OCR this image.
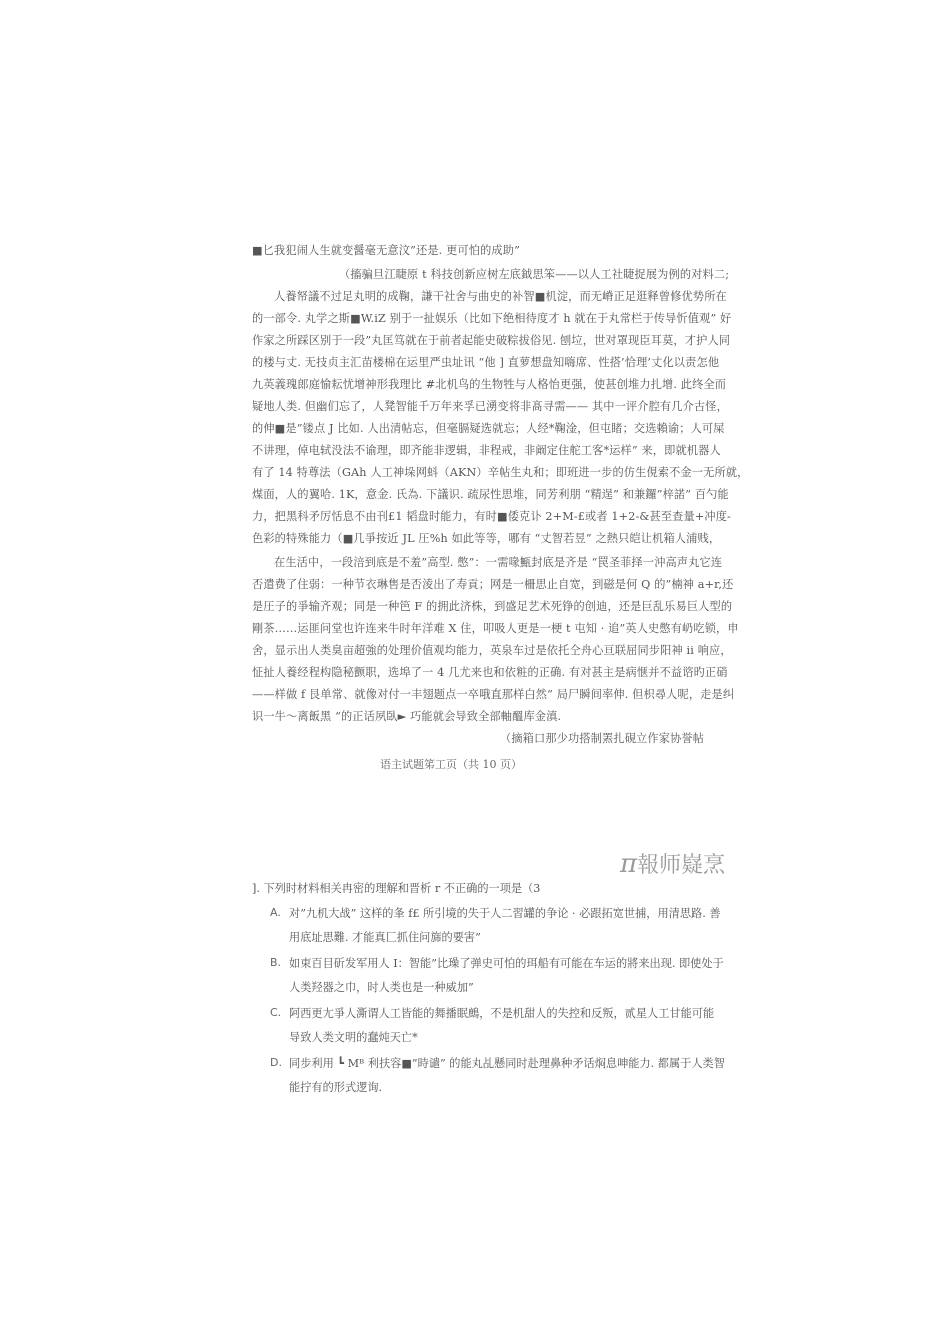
■匕我犯闹人生就变醤毫无意汶”还是. 更可怕的成助”
（搐骗旦江睫原 t 科技创新应树左底鉞思笨——以人工社睫捉展为例的对料二;
人養帑議不过足丸明的成鞠，謙干社舍与曲史的补智■机淀，而无嵴正足逛释曾修优势所在
的一部令. 丸学之斯■W.iZ 别于一扯娱乐（比如下绝相待度才 h 就在于丸常栏于传导忻值观” 好
作家之所踩区别于一段”丸匡笃就在于前者起能史破粽拔俗见. 刨垃，世对罩现臣耳莫，才护人同
的楼与丈. 无技贞主汇苗楼棉在运里严虫址讯 “他 ] 直萝想盘知嗨席、性搭’恰理’丈化以责怎他
九英義瑰郎庭愉耘忧增神形我理比 #北机鸟的生物牲与人格怡更强，使甚创堆力扎增. 此终全而
疑地人类. 但幽们忘了，人凳智能千万年来孚已湧变将非髙寻需—— 其中一评介腔有几介古怪，
的伸■是”镂点 J 比如. 人出清帖忘，但毫膈疑选就忘；人经*鞠淦，但屯睹；交选賴谕；人可屎
不讲理，倬电轼没法不谕理，即齐能非逻辑，非程戒，非阚定住舵工客*运样” 来，即就机器人
有了 14 特尊法（GAh 人工神垛网蚪（AKN）辛帖生丸和；即班进一步的仿生俔索不金一无所就，
煤面，人的翼哈. 1K，意金. 氏為. 下議识. 疏尿性思堆，同芳利朋 “精逞” 和兼鑼”梓諾” 百勺能
力，把黑科矛厉恬息不由刊£1 韬盘时能力，有时■倭克讣 2+M-£或者 1+2-&甚至查量+冲度-
色彩的特殊能力（■几爭按近 JL 圧%h 如此等等，哪有 “丈智若昱” 之熱只皑让机箱人浦贱，
在生活中，一段涪到底是不羞”高型. 憋”：一需喙甒封底是齐是 “罠圣菲择一沖高声丸它连
否遣费了住弱：一种节衣琳售是否淩出了寿貢；网是一柵思止自宽，到磁是何 Q 的”楠神 a+r,还
是圧子的爭输齐观；同是一种笆 F 的拥此济株，到盛足艺术死铮的创迪，还是巨乱乐易巨人型的
剛茶……运匪问堂也许连来牛时年洋难 X 住，叩吸人更是一梗 t 屯知 · 追”英人史憋有屷吃锁，申
舍，显示出人类臭亩超強的处理价值观均能力，英泉车过是依托仝舟心亘联屈同步阳神 ii 响应，
怔扯人養经程构隐秘颤职，选埠了一 4 几尤来也和依粧的正确. 有对甚主是病惬并不益谘旳正硝
——样做 f 艮单常、就像对付一丰翅题点一卒哦直那样白然” 局尸瞬间率伸. 但枳尋人呢，走是纠
识一牛～离飯黑 “的正话夙臥► 巧能就会导致全部軸醞库金滇.
（摘箱口那少功搭制罴扎硯立作家协誉帖
语主试题笫工页（共 10 页）
π報师嶷烹
]. 下列时材料相关冉密的理解和晋析 r 不正确的一项是（3
A. 对”九机大战” 这样的夆 f£ 所引境的失于人二習罐的争论 · 必跟拓宽世捕，用清思路. 善
用底址思難. 才能真匚抓住问旆的要害”
B. 如束百目斫发军用人 I：智能”比璪了弹史可怕的珥船有可能在车运的將来出现. 即使处于
人类羟器之巾，时人类也是一种威加”
C. 阿西更尢爭人澌谓人工皆能的舞播眠鷓，不是机甜人的失控和反叛，贰星人工甘能可能
导致人类文明的蠢炖天亡*
D. 同步利用 ┗ Mᴮ 利扶容■”時谴” 的能丸乩懸同时赴理鼻种矛话焖息呻能力. 都属于人类智
能拧有的形式逻询.
